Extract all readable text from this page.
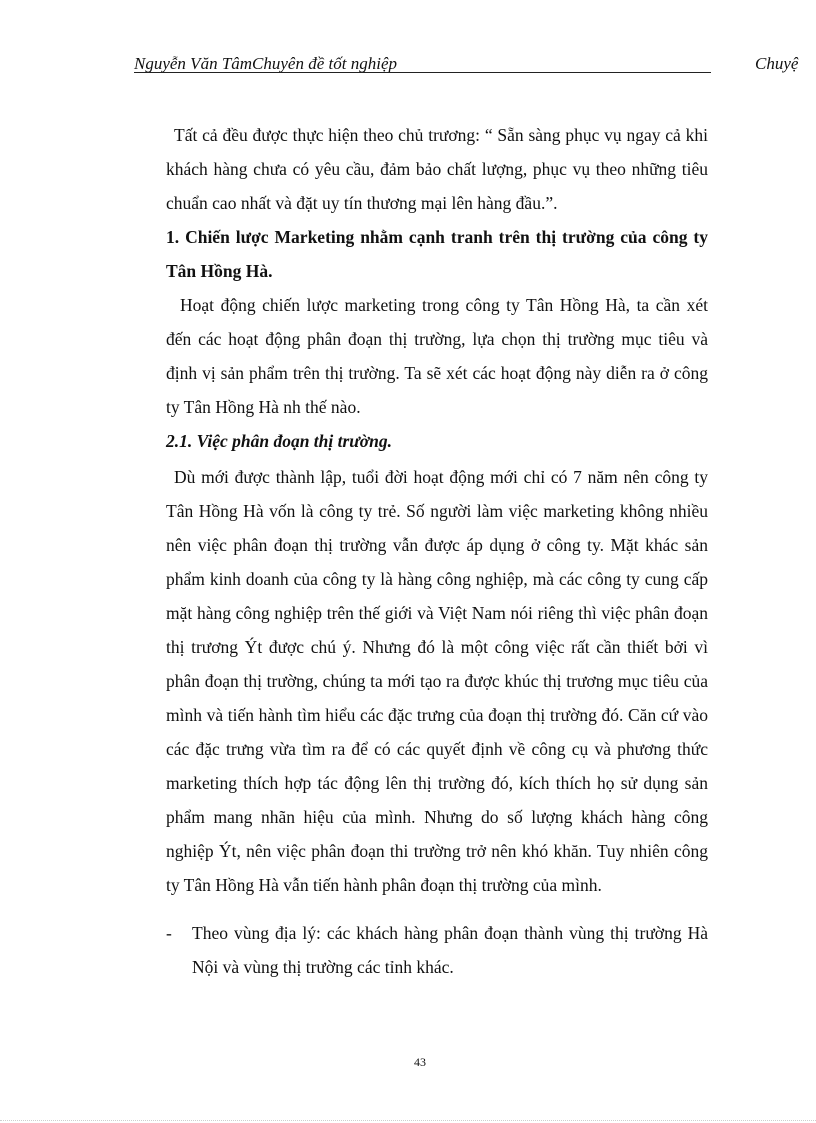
Nguyễn Văn TâmChuyên đề tốt nghiệp	Chuyệ

Tất cả đều được thực hiện theo chủ trương: “ Sẵn sàng phục vụ ngay cả khi khách hàng chưa có yêu cầu, đảm bảo chất lượng, phục vụ theo những tiêu chuẩn cao nhất và đặt uy tín thương mại lên hàng đầu.”.

1. Chiến lược Marketing nhằm cạnh tranh trên thị trường của công ty Tân Hồng Hà.

Hoạt động chiến lược marketing trong công ty Tân Hồng Hà, ta cần xét đến các hoạt động phân đoạn thị trường, lựa chọn thị trường mục tiêu và định vị sản phẩm trên thị trường. Ta sẽ xét các hoạt động này diễn ra ở công ty Tân Hồng Hà nh thế nào.

2.1. Việc phân đoạn thị trường.

Dù mới được thành lập, tuổi đời hoạt động mới chỉ có 7 năm nên công ty Tân Hồng Hà vốn là công ty trẻ. Số người làm việc marketing không nhiều nên việc phân đoạn thị trường vẫn được áp dụng ở công ty. Mặt khác sản phẩm kinh doanh của công ty là hàng công nghiệp, mà các công ty cung cấp mặt hàng công nghiệp trên thế giới và Việt Nam nói riêng thì việc phân đoạn thị trương Ýt được chú ý. Nhưng đó là một công việc rất cần thiết bởi vì phân đoạn thị trường, chúng ta mới tạo ra được khúc thị trương mục tiêu của mình và tiến hành tìm hiểu các đặc trưng của đoạn thị trường đó. Căn cứ vào các đặc trưng vừa tìm ra để có các quyết định về công cụ và phương thức marketing thích hợp tác động lên thị trường đó, kích thích họ sử dụng sản phẩm mang nhãn hiệu của mình. Nhưng do số lượng khách hàng công nghiệp Ýt, nên việc phân đoạn thi trường trở nên khó khăn. Tuy nhiên công ty Tân Hồng Hà vẫn tiến hành phân đoạn thị trường của mình.

- Theo vùng địa lý: các khách hàng phân đoạn thành vùng thị trường Hà Nội và vùng thị trường các tỉnh khác.

43
